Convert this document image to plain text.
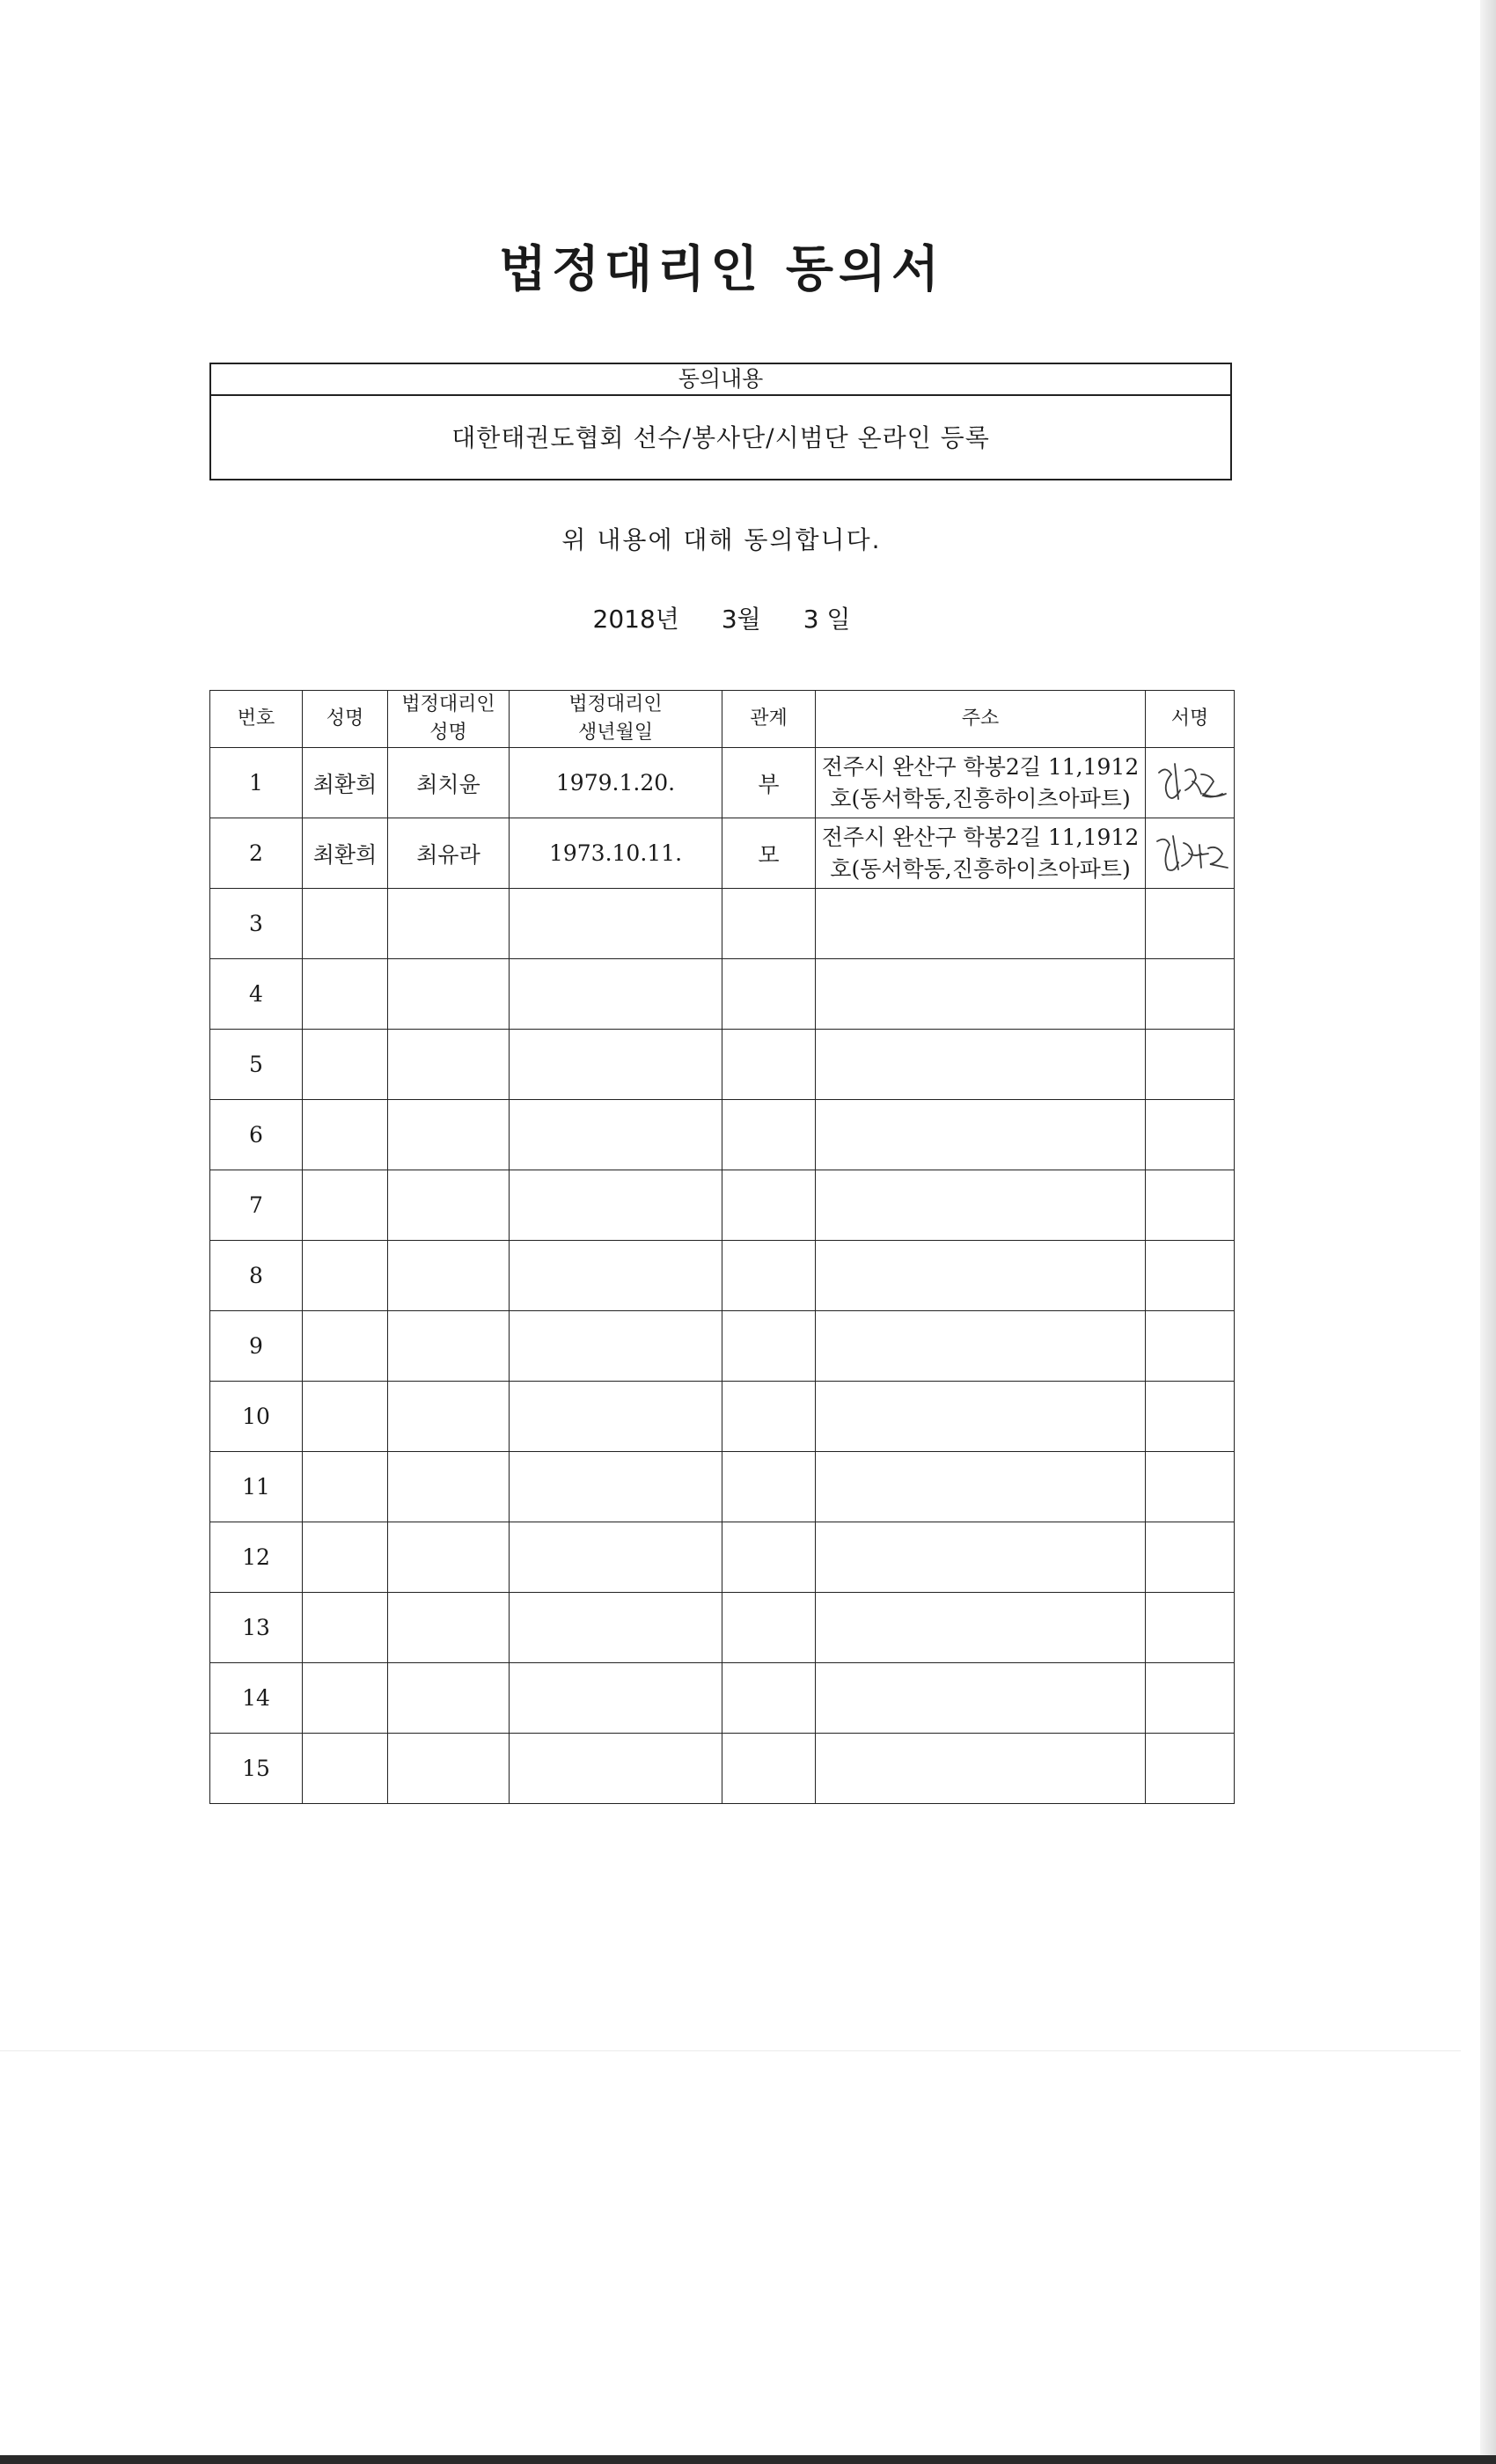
법정대리인 동의서
동의내용
대한태권도협회 선수/봉사단/시범단 온라인 등록
위 내용에 대해 동의합니다.
2018년 3월 3 일
번호	성명	법정대리인 성명	법정대리인 생년월일	관계	주소	서명
1	최환희	최치윤	1979.1.20.	부	전주시 완산구 학봉2길 11,1912호(동서학동,진흥하이츠아파트)	

2	최환희	최유라	1973.10.11.	모	전주시 완산구 학봉2길 11,1912호(동서학동,진흥하이츠아파트)	

3						
4						
5						
6						
7						
8						
9						
10						
11						
12						
13						
14						
15						
